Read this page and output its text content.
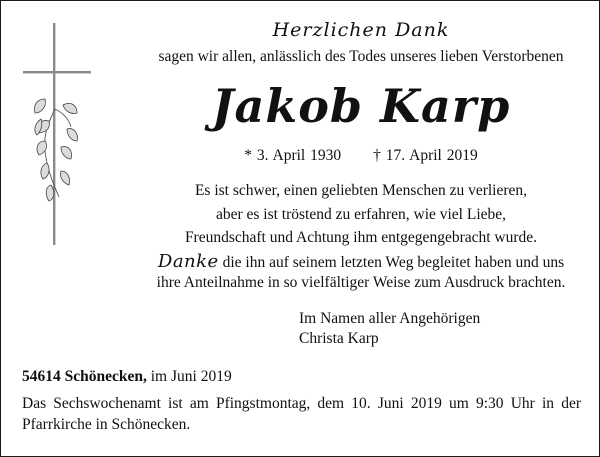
Herzlichen Dank
sagen wir allen, anlässlich des Todes unseres lieben Verstorbenen
Jakob Karp
* 3. April 1930 † 17. April 2019
Es ist schwer, einen geliebten Menschen zu verlieren,
aber es ist tröstend zu erfahren, wie viel Liebe,
Freundschaft und Achtung ihm entgegengebracht wurde.
Danke die ihn auf seinem letzten Weg begleitet haben und uns
ihre Anteilnahme in so vielfältiger Weise zum Ausdruck brachten.
Im Namen aller Angehörigen
Christa Karp
54614 Schönecken, im Juni 2019
Das Sechswochenamt ist am Pfingstmontag, dem 10. Juni 2019 um 9:30 Uhr in der Pfarrkirche in Schönecken.
